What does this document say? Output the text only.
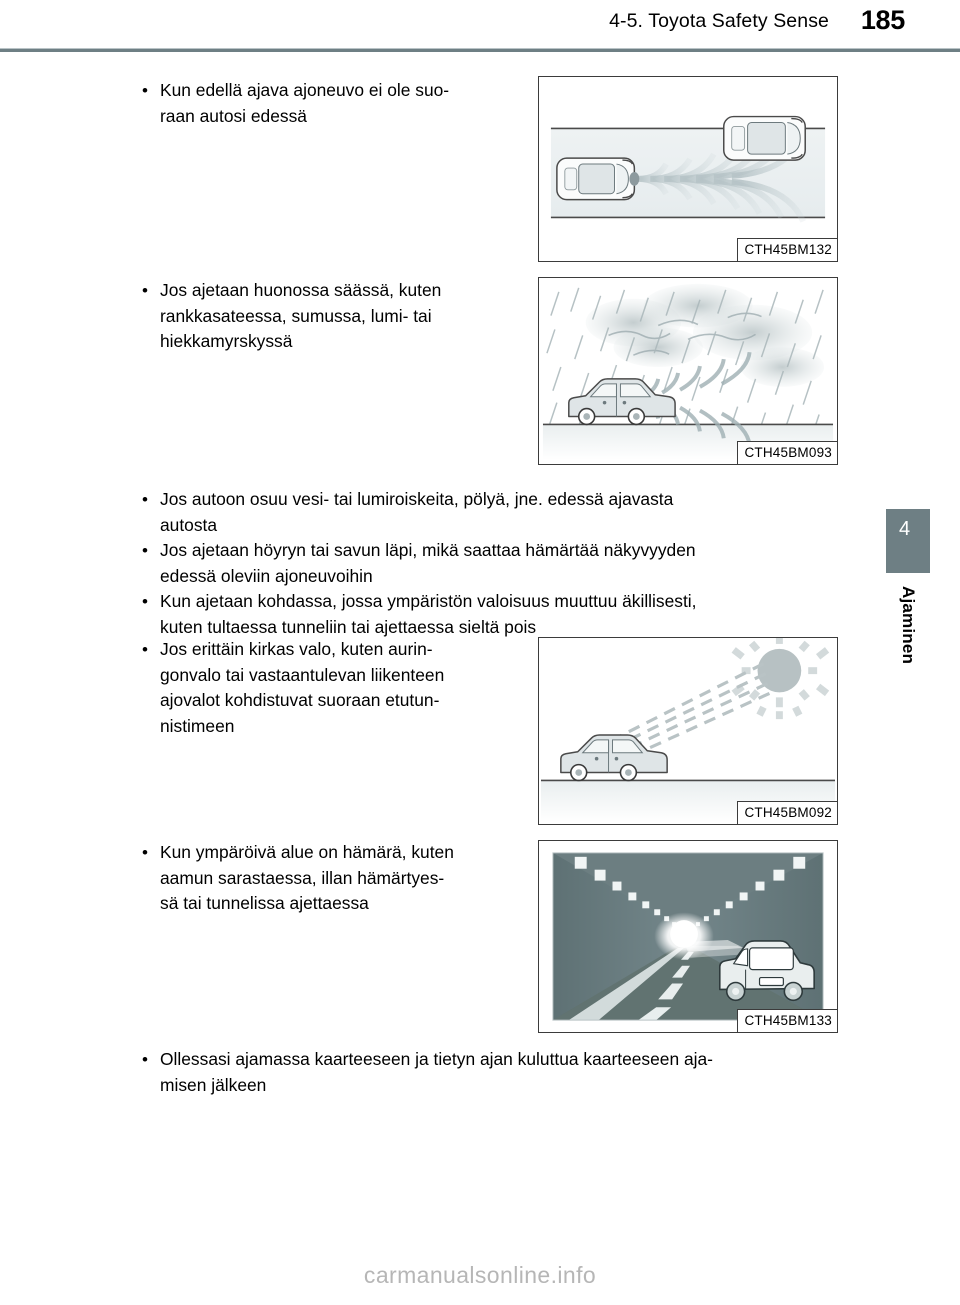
4-5. Toyota Safety Sense 185
4
Ajaminen
• Kun edellä ajava ajoneuvo ei ole suo-

raan autosi edessä

CTH45BM132
• Jos ajetaan huonossa säässä, kuten

rankkasateessa, sumussa, lumi- tai

hiekkamyrskyssä

CTH45BM093
• Jos autoon osuu vesi- tai lumiroiskeita, pölyä, jne. edessä ajavasta

autosta

• Jos ajetaan höyryn tai savun läpi, mikä saattaa hämärtää näkyvyyden

edessä oleviin ajoneuvoihin

• Kun ajetaan kohdassa, jossa ympäristön valoisuus muuttuu äkillisesti,

kuten tultaessa tunneliin tai ajettaessa sieltä pois

• Jos erittäin kirkas valo, kuten aurin-

gonvalo tai vastaantulevan liikenteen

ajovalot kohdistuvat suoraan etutun-

nistimeen

CTH45BM092
• Kun ympäröivä alue on hämärä, kuten

aamun sarastaessa, illan hämärtyes-

sä tai tunnelissa ajettaessa

CTH45BM133
• Ollessasi ajamassa kaarteeseen ja tietyn ajan kuluttua kaarteeseen aja-

misen jälkeen

carmanualsonline.info
